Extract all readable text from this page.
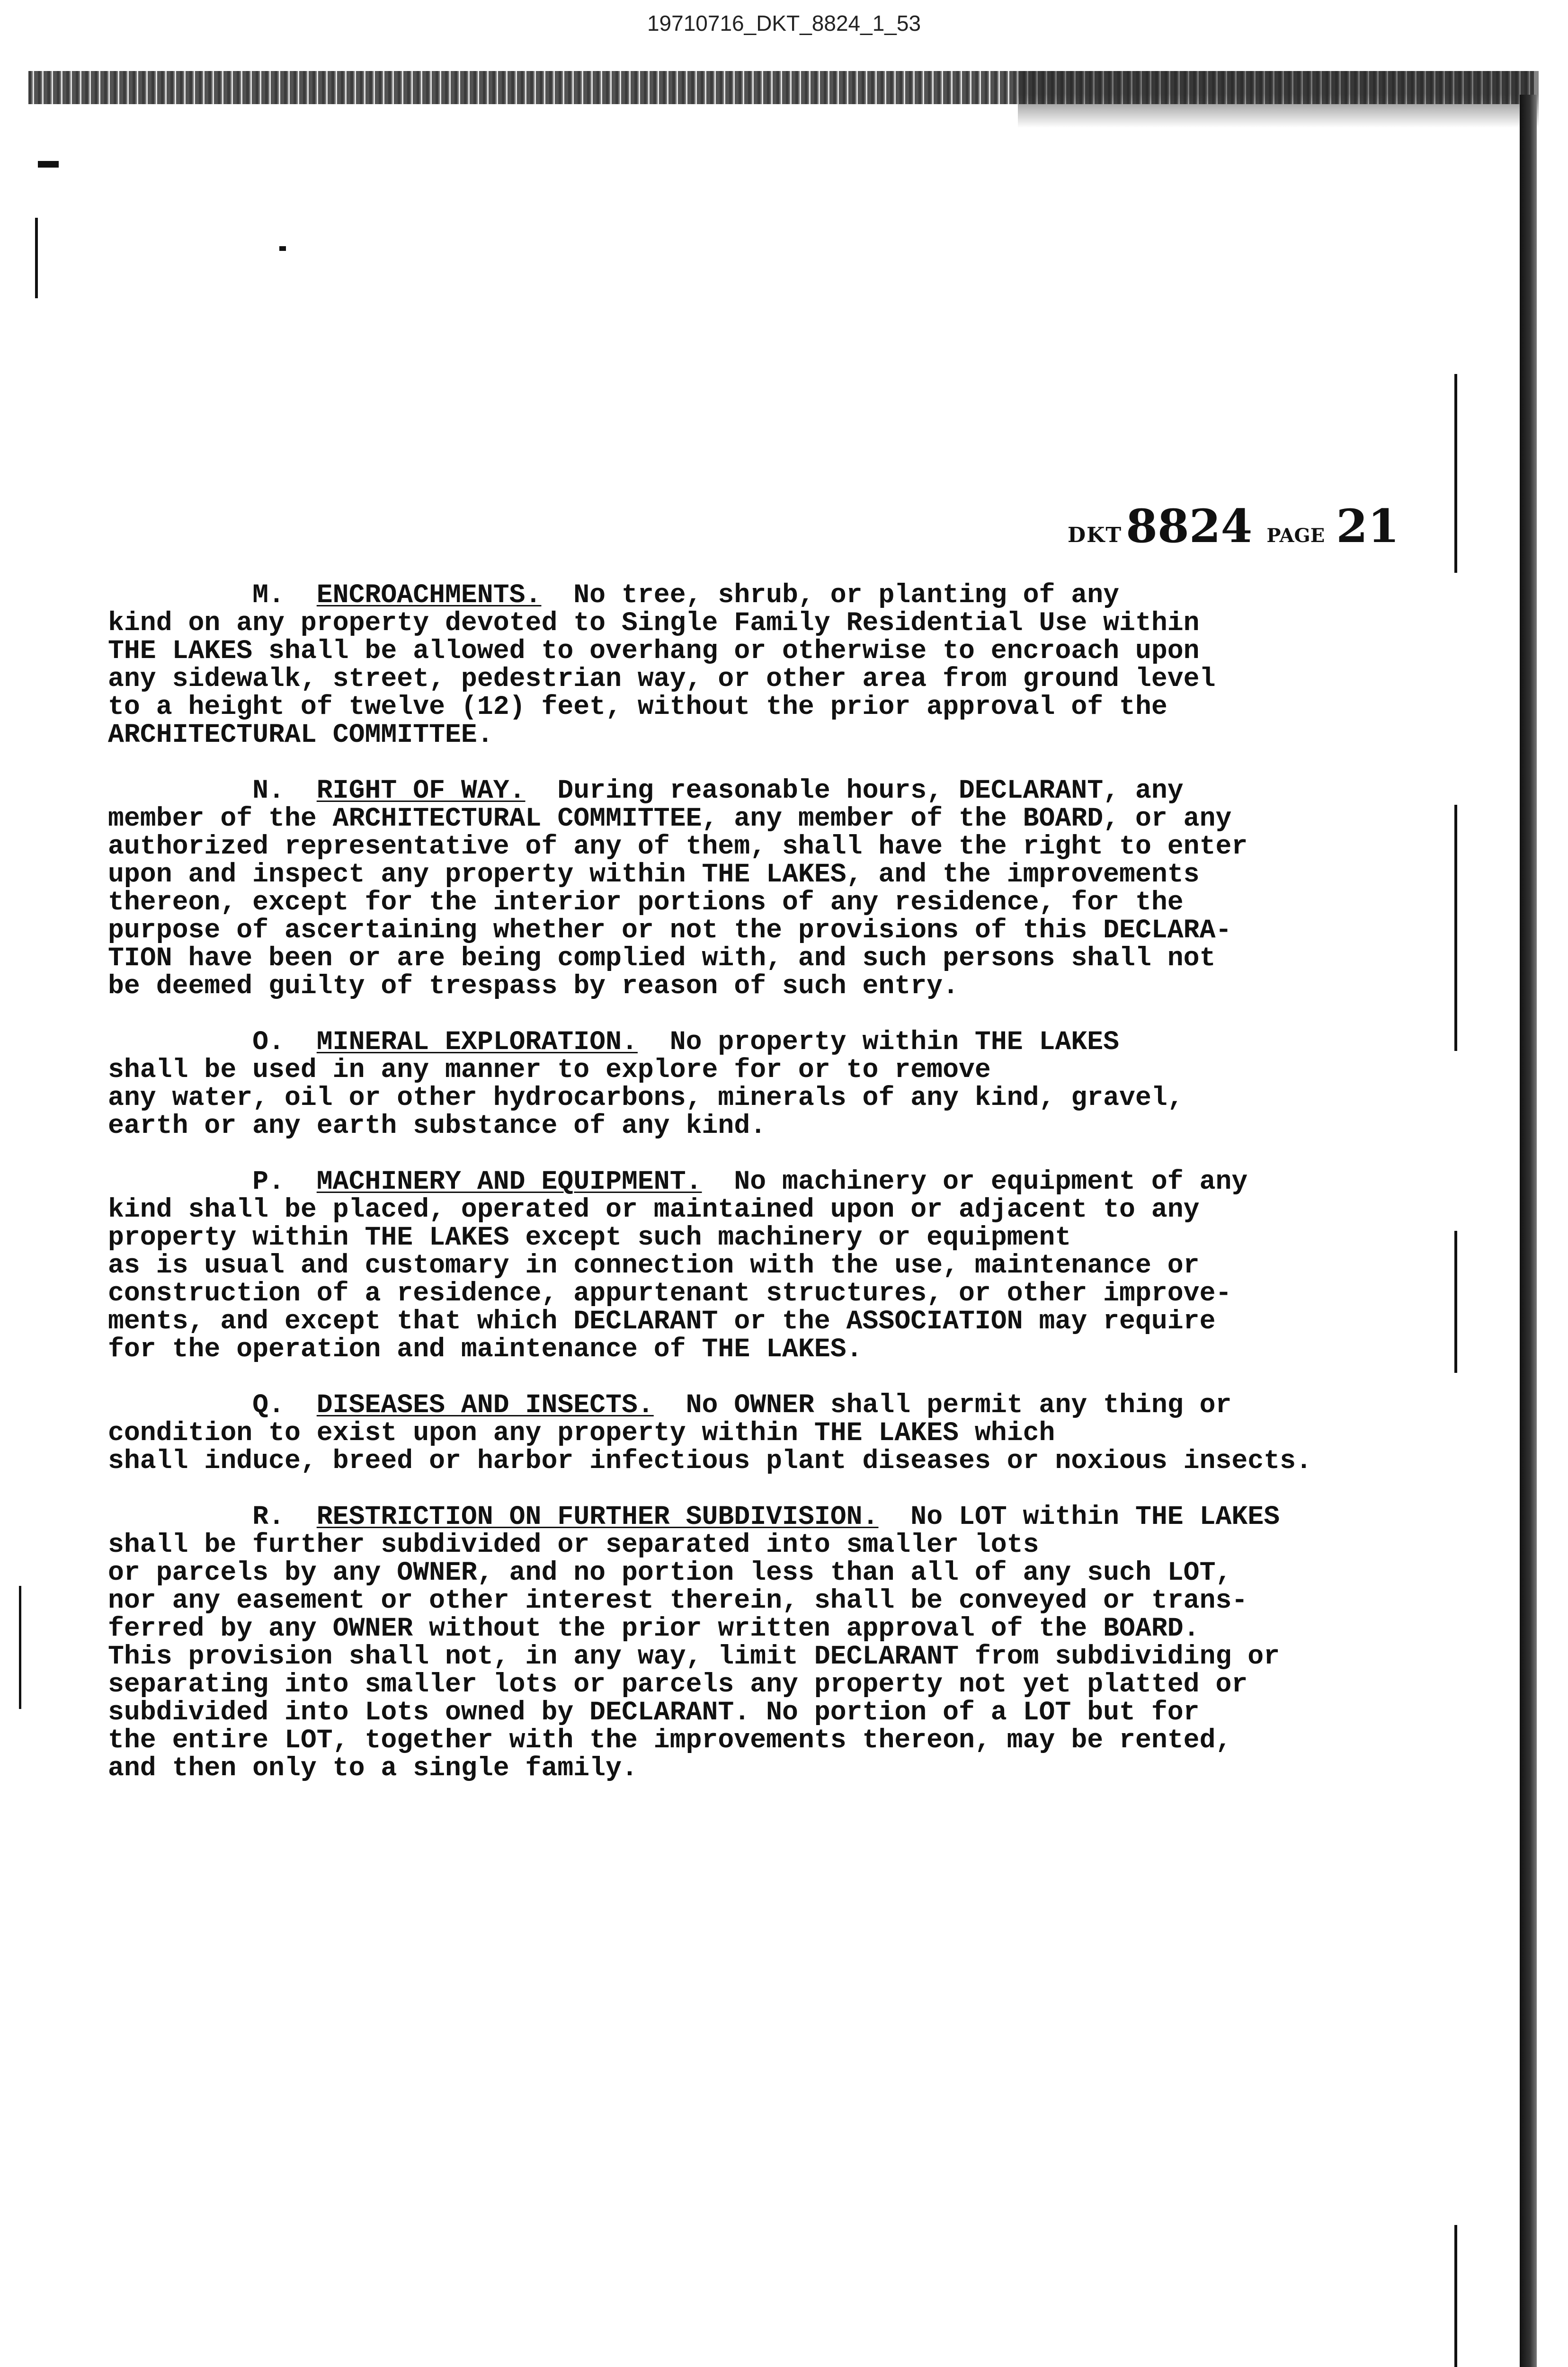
19710716_DKT_8824_1_53
DKT8824 PAGE 21
M. ENCROACHMENTS. No tree, shrub, or planting of any
kind on any property devoted to Single Family Residential Use within
THE LAKES shall be allowed to overhang or otherwise to encroach upon
any sidewalk, street, pedestrian way, or other area from ground level
to a height of twelve (12) feet, without the prior approval of the
ARCHITECTURAL COMMITTEE.
N. RIGHT OF WAY. During reasonable hours, DECLARANT, any
member of the ARCHITECTURAL COMMITTEE, any member of the BOARD, or any
authorized representative of any of them, shall have the right to enter
upon and inspect any property within THE LAKES, and the improvements
thereon, except for the interior portions of any residence, for the
purpose of ascertaining whether or not the provisions of this DECLARA-
TION have been or are being complied with, and such persons shall not
be deemed guilty of trespass by reason of such entry.
O. MINERAL EXPLORATION. No property within THE LAKES
shall be used in any manner to explore for or to remove
any water, oil or other hydrocarbons, minerals of any kind, gravel,
earth or any earth substance of any kind.
P. MACHINERY AND EQUIPMENT. No machinery or equipment of any
kind shall be placed, operated or maintained upon or adjacent to any
property within THE LAKES except such machinery or equipment
as is usual and customary in connection with the use, maintenance or
construction of a residence, appurtenant structures, or other improve-
ments, and except that which DECLARANT or the ASSOCIATION may require
for the operation and maintenance of THE LAKES.
Q. DISEASES AND INSECTS. No OWNER shall permit any thing or
condition to exist upon any property within THE LAKES which
shall induce, breed or harbor infectious plant diseases or noxious insects.
R. RESTRICTION ON FURTHER SUBDIVISION. No LOT within THE LAKES
shall be further subdivided or separated into smaller lots
or parcels by any OWNER, and no portion less than all of any such LOT,
nor any easement or other interest therein, shall be conveyed or trans-
ferred by any OWNER without the prior written approval of the BOARD.
This provision shall not, in any way, limit DECLARANT from subdividing or
separating into smaller lots or parcels any property not yet platted or
subdivided into Lots owned by DECLARANT. No portion of a LOT but for
the entire LOT, together with the improvements thereon, may be rented,
and then only to a single family.
